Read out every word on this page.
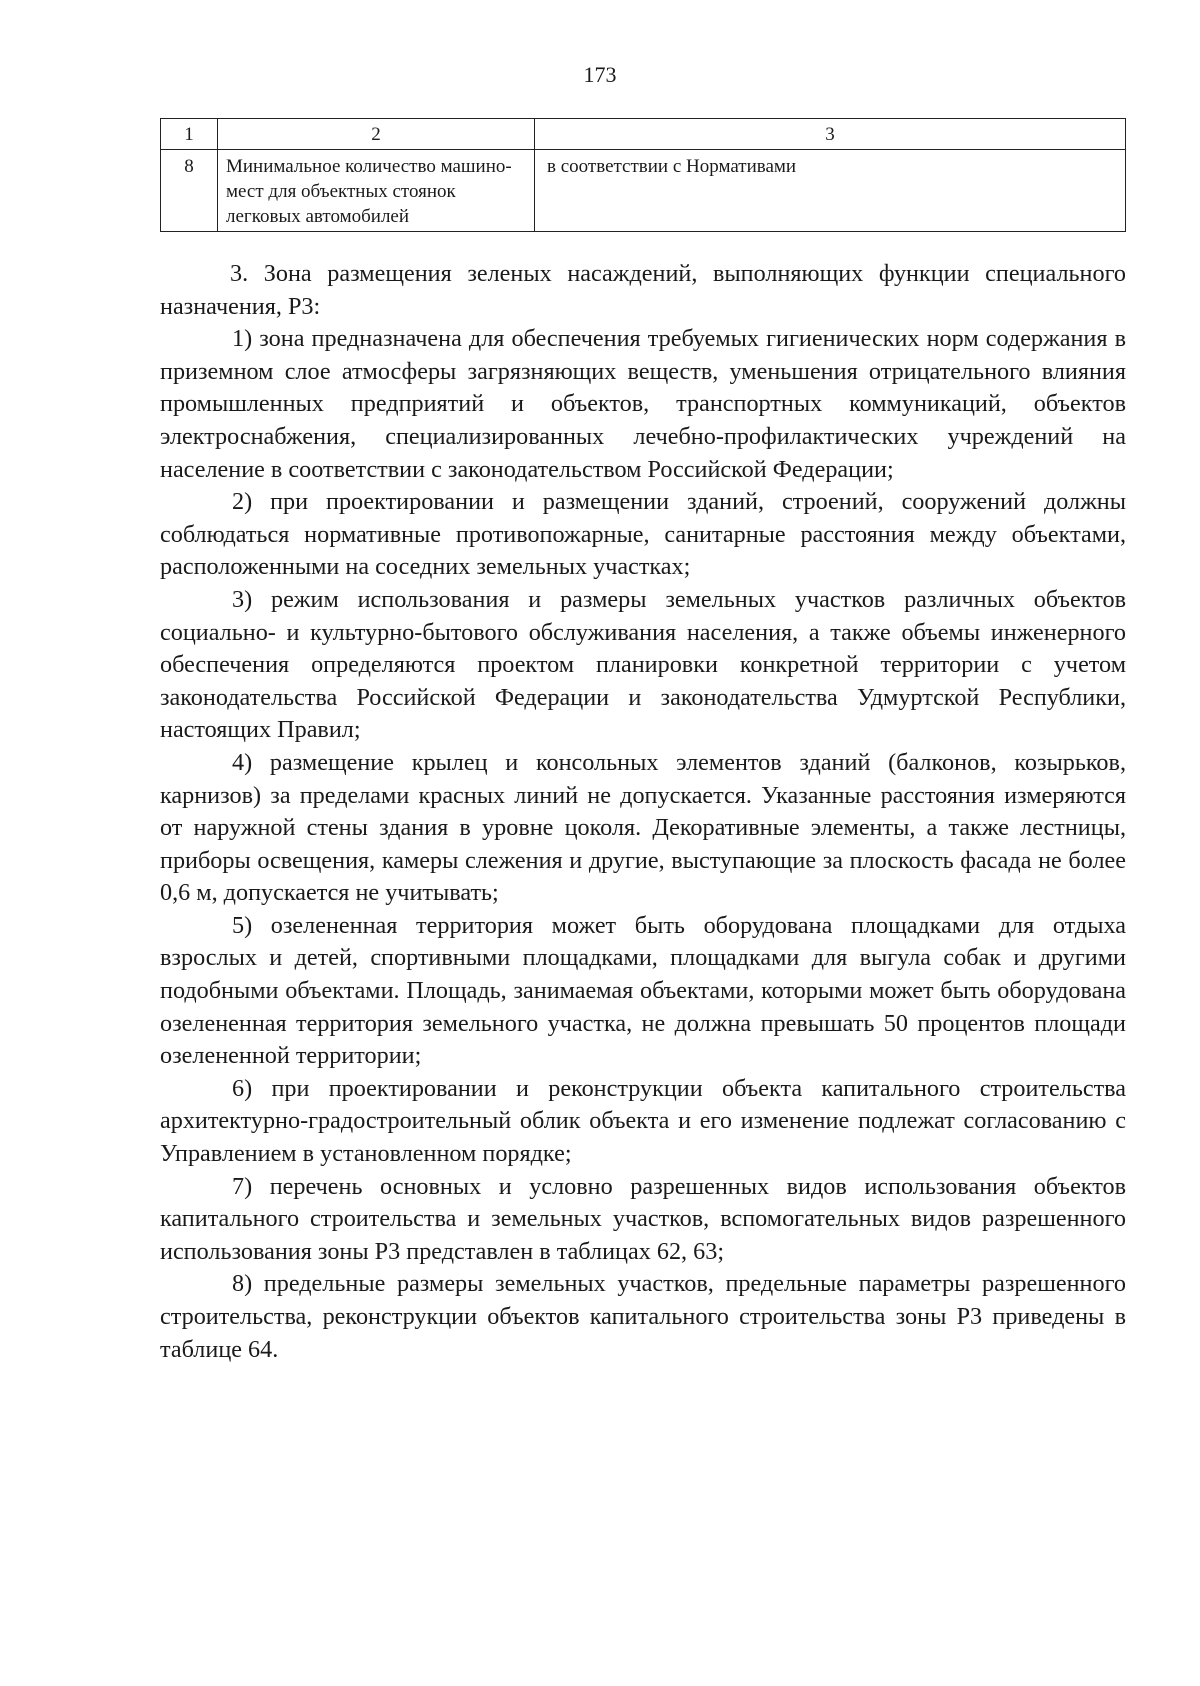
173
1	2	3
8	Минимальное количество машино-мест для объектных стоянок легковых автомобилей	в соответствии с Нормативами

3. Зона размещения зеленых насаждений, выполняющих функции специального назначения, Р3:

1) зона предназначена для обеспечения требуемых гигиенических норм содержания в приземном слое атмосферы загрязняющих веществ, уменьшения отрицательного влияния промышленных предприятий и объектов, транспортных коммуникаций, объектов электроснабжения, специализированных лечебно-профилактических учреждений на население в соответствии с законодательством Российской Федерации;

2) при проектировании и размещении зданий, строений, сооружений должны соблюдаться нормативные противопожарные, санитарные расстояния между объектами, расположенными на соседних земельных участках;

3) режим использования и размеры земельных участков различных объектов социально- и культурно-бытового обслуживания населения, а также объемы инженерного обеспечения определяются проектом планировки конкретной территории с учетом законодательства Российской Федерации и законодательства Удмуртской Республики, настоящих Правил;

4) размещение крылец и консольных элементов зданий (балконов, козырьков, карнизов) за пределами красных линий не допускается. Указанные расстояния измеряются от наружной стены здания в уровне цоколя. Декоративные элементы, а также лестницы, приборы освещения, камеры слежения и другие, выступающие за плоскость фасада не более 0,6 м, допускается не учитывать;

5) озелененная территория может быть оборудована площадками для отдыха взрослых и детей, спортивными площадками, площадками для выгула собак и другими подобными объектами. Площадь, занимаемая объектами, которыми может быть оборудована озелененная территория земельного участка, не должна превышать 50 процентов площади озелененной территории;

6) при проектировании и реконструкции объекта капитального строительства архитектурно-градостроительный облик объекта и его изменение подлежат согласованию с Управлением в установленном порядке;

7) перечень основных и условно разрешенных видов использования объектов капитального строительства и земельных участков, вспомогательных видов разрешенного использования зоны Р3 представлен в таблицах 62, 63;

8) предельные размеры земельных участков, предельные параметры разрешенного строительства, реконструкции объектов капитального строительства зоны Р3 приведены в таблице 64.
